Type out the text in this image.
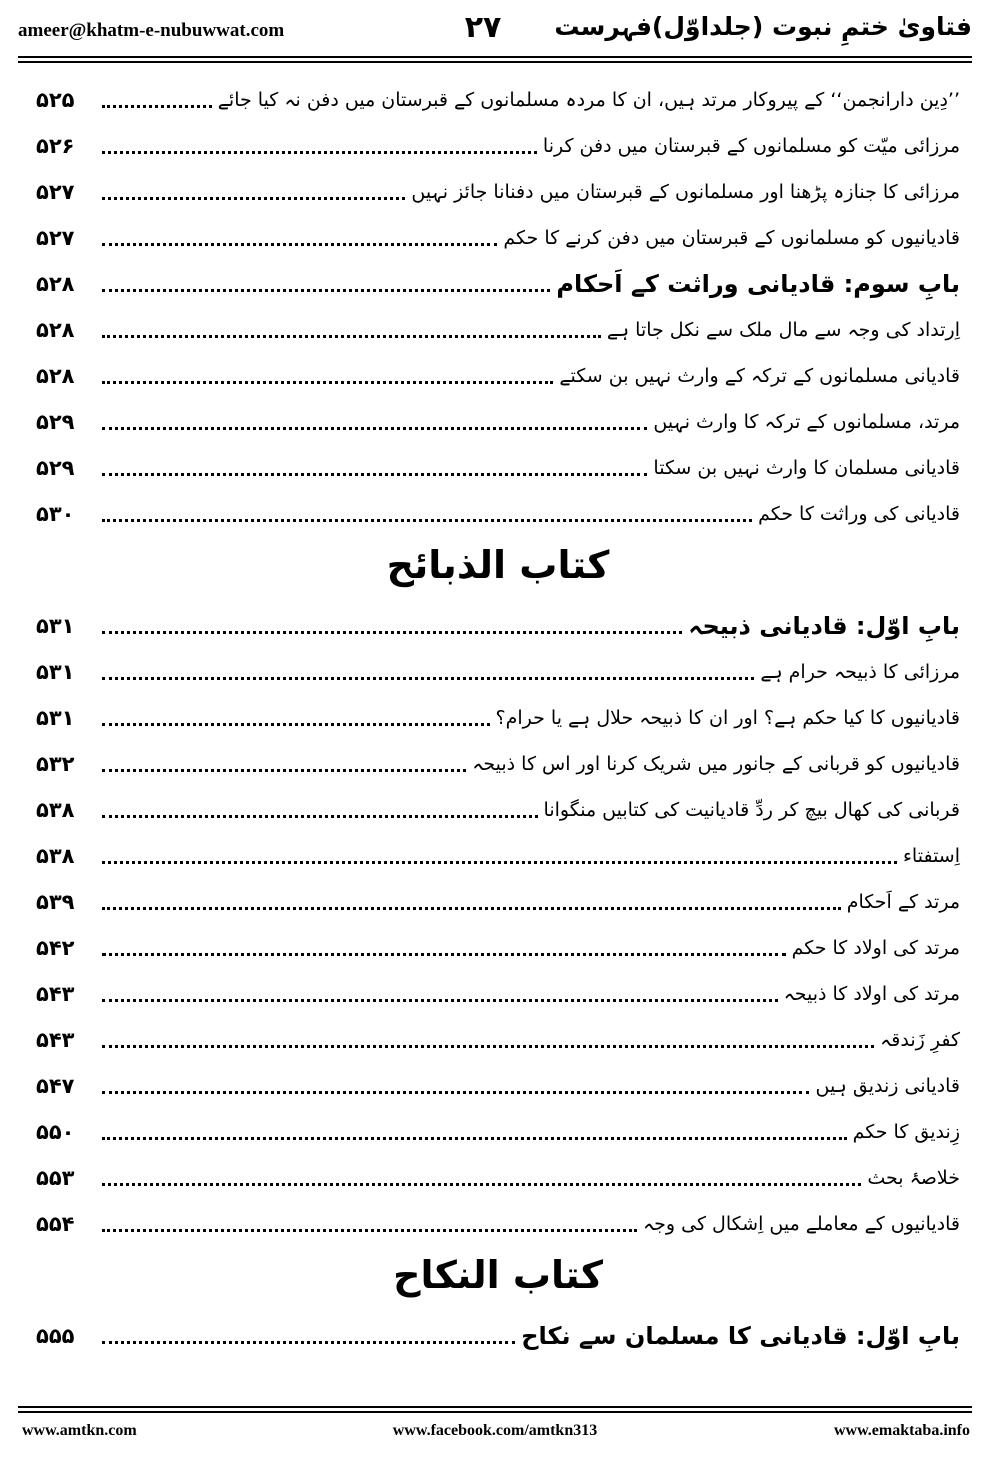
ameer@khatm-e-nubuwwat.com	۲۷	فتاویٰ ختمِ نبوت (جلداوّل)فہرست
۵۲۵	’’دِین دارانجمن‘‘ کے پیروکار مرتد ہیں، ان کا مردہ مسلمانوں کے قبرستان میں دفن نہ کیا جائے
۵۲۶	مرزائی میّت کو مسلمانوں کے قبرستان میں دفن کرنا
۵۲۷	مرزائی کا جنازہ پڑھنا اور مسلمانوں کے قبرستان میں دفنانا جائز نہیں
۵۲۷	قادیانیوں کو مسلمانوں کے قبرستان میں دفن کرنے کا حکم
۵۲۸	بابِ سوم: قادیانی وراثت کے اَحکام
۵۲۸	اِرتداد کی وجہ سے مال ملک سے نکل جاتا ہے
۵۲۸	قادیانی مسلمانوں کے ترکہ کے وارث نہیں بن سکتے
۵۲۹	مرتد، مسلمانوں کے ترکہ کا وارث نہیں
۵۲۹	قادیانی مسلمان کا وارث نہیں بن سکتا
۵۳۰	قادیانی کی وراثت کا حکم
کتاب الذبائح
۵۳۱	بابِ اوّل: قادیانی ذبیحہ
۵۳۱	مرزائی کا ذبیحہ حرام ہے
۵۳۱	قادیانیوں کا کیا حکم ہے؟ اور ان کا ذبیحہ حلال ہے یا حرام؟
۵۳۲	قادیانیوں کو قربانی کے جانور میں شریک کرنا اور اس کا ذبیحہ
۵۳۸	قربانی کی کھال بیچ کر ردِّ قادیانیت کی کتابیں منگوانا
۵۳۸	اِستفتاء
۵۳۹	مرتد کے اَحکام
۵۴۲	مرتد کی اولاد کا حکم
۵۴۳	مرتد کی اولاد کا ذبیحہ
۵۴۳	کفرِ زَندقہ
۵۴۷	قادیانی زندیق ہیں
۵۵۰	زِندیق کا حکم
۵۵۳	خلاصۂ بحث
۵۵۴	قادیانیوں کے معاملے میں اِشکال کی وجہ
کتاب النکاح
۵۵۵	بابِ اوّل: قادیانی کا مسلمان سے نکاح
www.amtkn.com	www.facebook.com/amtkn313	www.emaktaba.info
